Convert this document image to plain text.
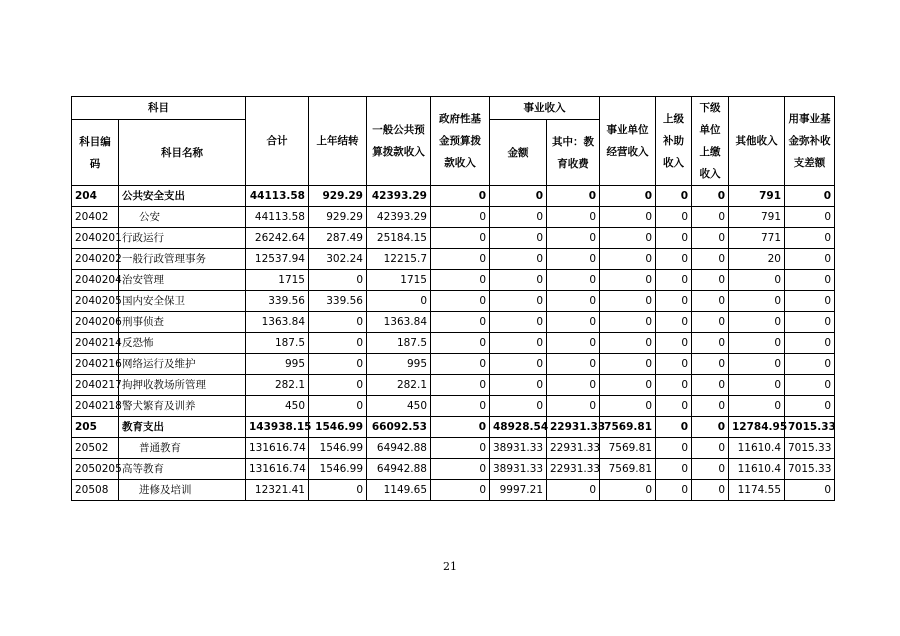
科目		合计	上年结转	一般公共预算拨款收入	政府性基金预算拨款收入	事业收入		事业单位经营收入	上级补助收入	下级单位上缴收入	其他收入	用事业基金弥补收支差额
科目编码	科目名称					金额	其中：教育收费					
204	公共安全支出	44113.58	929.29	42393.29	0	0	0	0	0	0	791	0
20402	公安	44113.58	929.29	42393.29	0	0	0	0	0	0	791	0
2040201	行政运行	26242.64	287.49	25184.15	0	0	0	0	0	0	771	0
2040202	一般行政管理事务	12537.94	302.24	12215.7	0	0	0	0	0	0	20	0
2040204	治安管理	1715	0	1715	0	0	0	0	0	0	0	0
2040205	国内安全保卫	339.56	339.56	0	0	0	0	0	0	0	0	0
2040206	刑事侦查	1363.84	0	1363.84	0	0	0	0	0	0	0	0
2040214	反恐怖	187.5	0	187.5	0	0	0	0	0	0	0	0
2040216	网络运行及维护	995	0	995	0	0	0	0	0	0	0	0
2040217	拘押收教场所管理	282.1	0	282.1	0	0	0	0	0	0	0	0
2040218	警犬繁育及训养	450	0	450	0	0	0	0	0	0	0	0
205	教育支出	143938.15	1546.99	66092.53	0	48928.54	22931.33	7569.81	0	0	12784.95	7015.33
20502	普通教育	131616.74	1546.99	64942.88	0	38931.33	22931.33	7569.81	0	0	11610.4	7015.33
2050205	高等教育	131616.74	1546.99	64942.88	0	38931.33	22931.33	7569.81	0	0	11610.4	7015.33
20508	进修及培训	12321.41	0	1149.65	0	9997.21	0	0	0	0	1174.55	0
21
